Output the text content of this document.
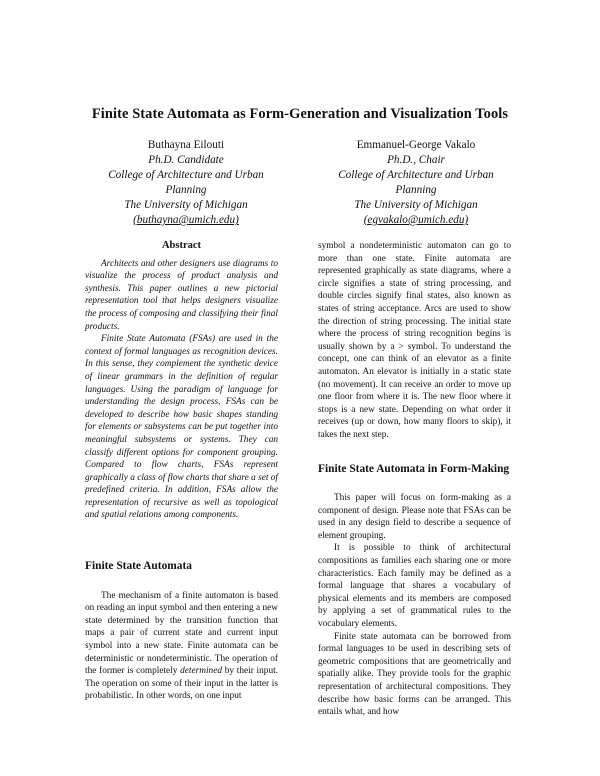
Finite State Automata as Form-Generation and Visualization Tools
Buthayna Eilouti
Ph.D. Candidate
College of Architecture and Urban
Planning
The University of Michigan
(buthayna@umich.edu)
Emmanuel-George Vakalo
Ph.D., Chair
College of Architecture and Urban
Planning
The University of Michigan
(egvakalo@umich.edu)
Abstract

Architects and other designers use diagrams to visualize the process of product analysis and synthesis. This paper outlines a new pictorial representation tool that helps designers visualize the process of composing and classifying their final products.

Finite State Automata (FSAs) are used in the context of formal languages as recognition devices. In this sense, they complement the synthetic device of linear grammars in the definition of regular languages. Using the paradigm of language for understanding the design process, FSAs can be developed to describe how basic shapes standing for elements or subsystems can be put together into meaningful subsystems or systems. They can classify different options for component grouping. Compared to flow charts, FSAs represent graphically a class of flow charts that share a set of predefined criteria. In addition, FSAs allow the representation of recursive as well as topological and spatial relations among components.

Finite State Automata

The mechanism of a finite automaton is based on reading an input symbol and then entering a new state determined by the transition function that maps a pair of current state and current input symbol into a new state. Finite automata can be deterministic or nondeterministic. The operation of the former is completely determined by their input. The operation on some of their input in the latter is probabilistic. In other words, on one input

symbol a nondeterministic automaton can go to more than one state. Finite automata are represented graphically as state diagrams, where a circle signifies a state of string processing, and double circles signify final states, also known as states of string acceptance. Arcs are used to show the direction of string processing. The initial state where the process of string recognition begins is usually shown by a > symbol. To understand the concept, one can think of an elevator as a finite automaton. An elevator is initially in a static state (no movement). It can receive an order to move up one floor from where it is. The new floor where it stops is a new state. Depending on what order it receives (up or down, how many floors to skip), it takes the next step.

Finite State Automata in Form-Making

This paper will focus on form-making as a component of design. Please note that FSAs can be used in any design field to describe a sequence of element grouping.

It is possible to think of architectural compositions as families each sharing one or more characteristics. Each family may be defined as a formal language that shares a vocabulary of physical elements and its members are composed by applying a set of grammatical rules to the vocabulary elements.

Finite state automata can be borrowed from formal languages to be used in describing sets of geometric compositions that are geometrically and spatially alike. They provide tools for the graphic representation of architectural compositions. They describe how basic forms can be arranged. This entails what, and how
